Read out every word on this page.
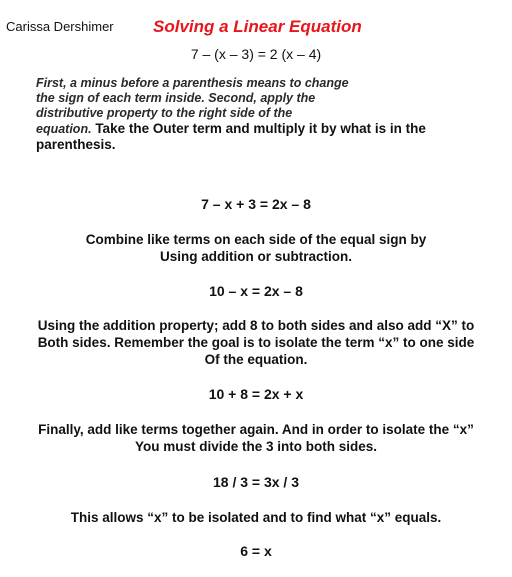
Carissa Dershimer Solving a Linear Equation
7 – (x – 3) = 2 (x – 4)
First, a minus before a parenthesis means to change
the sign of each term inside. Second, apply the
distributive property to the right side of the
equation. Take the Outer term and multiply it by what is in the
parenthesis.
7 – x + 3 = 2x – 8
Combine like terms on each side of the equal sign by
Using addition or subtraction.
10 – x = 2x – 8
Using the addition property; add 8 to both sides and also add “X” to
Both sides. Remember the goal is to isolate the term “x” to one side
Of the equation.
10 + 8 = 2x + x
Finally, add like terms together again. And in order to isolate the “x”
You must divide the 3 into both sides.
18 / 3 = 3x / 3
This allows “x” to be isolated and to find what “x” equals.
6 = x
